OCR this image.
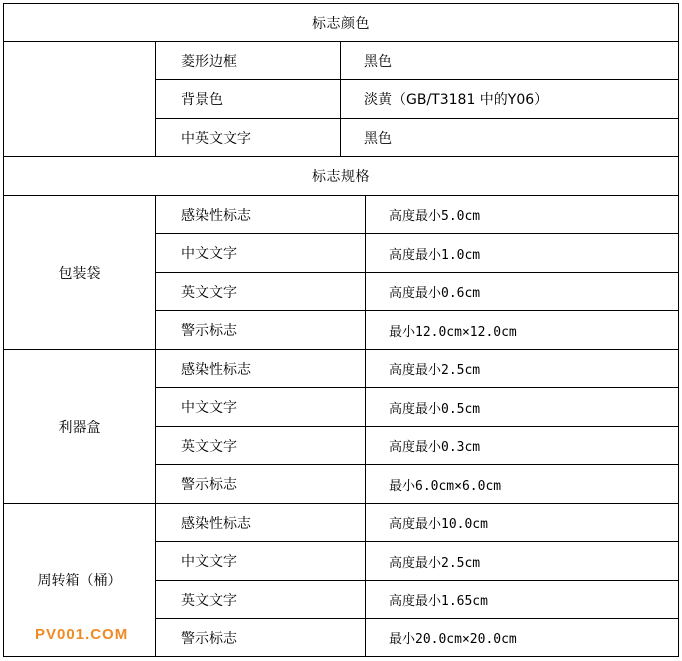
标志颜色
菱形边框	黑色
背景色	淡黄（GB/T3181 中的Y06）
中英文文字	黑色
标志规格
包装袋
感染性标志	高度最小5.0cm
中文文字	高度最小1.0cm
英文文字	高度最小0.6cm
警示标志	最小12.0cm×12.0cm
利器盒
感染性标志	高度最小2.5cm
中文文字	高度最小0.5cm
英文文字	高度最小0.3cm
警示标志	最小6.0cm×6.0cm
周转箱（桶）
感染性标志	高度最小10.0cm
中文文字	高度最小2.5cm
英文文字	高度最小1.65cm
警示标志	最小20.0cm×20.0cm
PV001.COM
